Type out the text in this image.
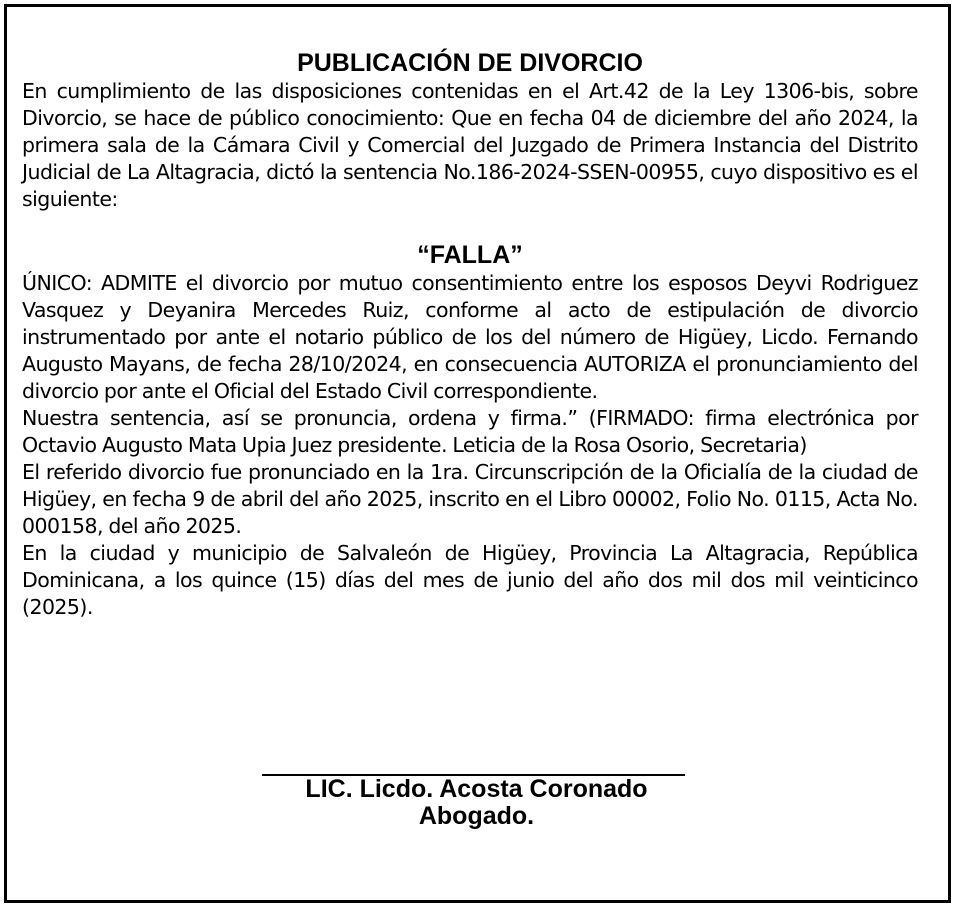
PUBLICACIÓN DE DIVORCIO

En cumplimiento de las disposiciones contenidas en el Art.42 de la Ley 1306-bis, sobre Divorcio, se hace de público conocimiento: Que en fecha 04 de diciembre del año 2024, la primera sala de la Cámara Civil y Comercial del Juzgado de Primera Instancia del Distrito Judicial de La Altagracia, dictó la sentencia No.186-2024-SSEN-00955, cuyo dispositivo es el siguiente:

“FALLA”

ÚNICO: ADMITE el divorcio por mutuo consentimiento entre los esposos Deyvi Rodriguez Vasquez y Deyanira Mercedes Ruiz, conforme al acto de estipulación de divorcio instrumentado por ante el notario público de los del número de Higüey, Licdo. Fernando Augusto Mayans, de fecha 28/10/2024, en consecuencia AUTORIZA el pronunciamiento del divorcio por ante el Oficial del Estado Civil correspondiente.

Nuestra sentencia, así se pronuncia, ordena y firma.” (FIRMADO: firma electrónica por Octavio Augusto Mata Upia Juez presidente. Leticia de la Rosa Osorio, Secretaria)

El referido divorcio fue pronunciado en la 1ra. Circunscripción de la Oficialía de la ciudad de Higüey, en fecha 9 de abril del año 2025, inscrito en el Libro 00002, Folio No. 0115, Acta No. 000158, del año 2025.

En la ciudad y municipio de Salvaleón de Higüey, Provincia La Altagracia, República Dominicana, a los quince (15) días del mes de junio del año dos mil dos mil veinticinco (2025).

LIC. Licdo. Acosta Coronado

Abogado.
